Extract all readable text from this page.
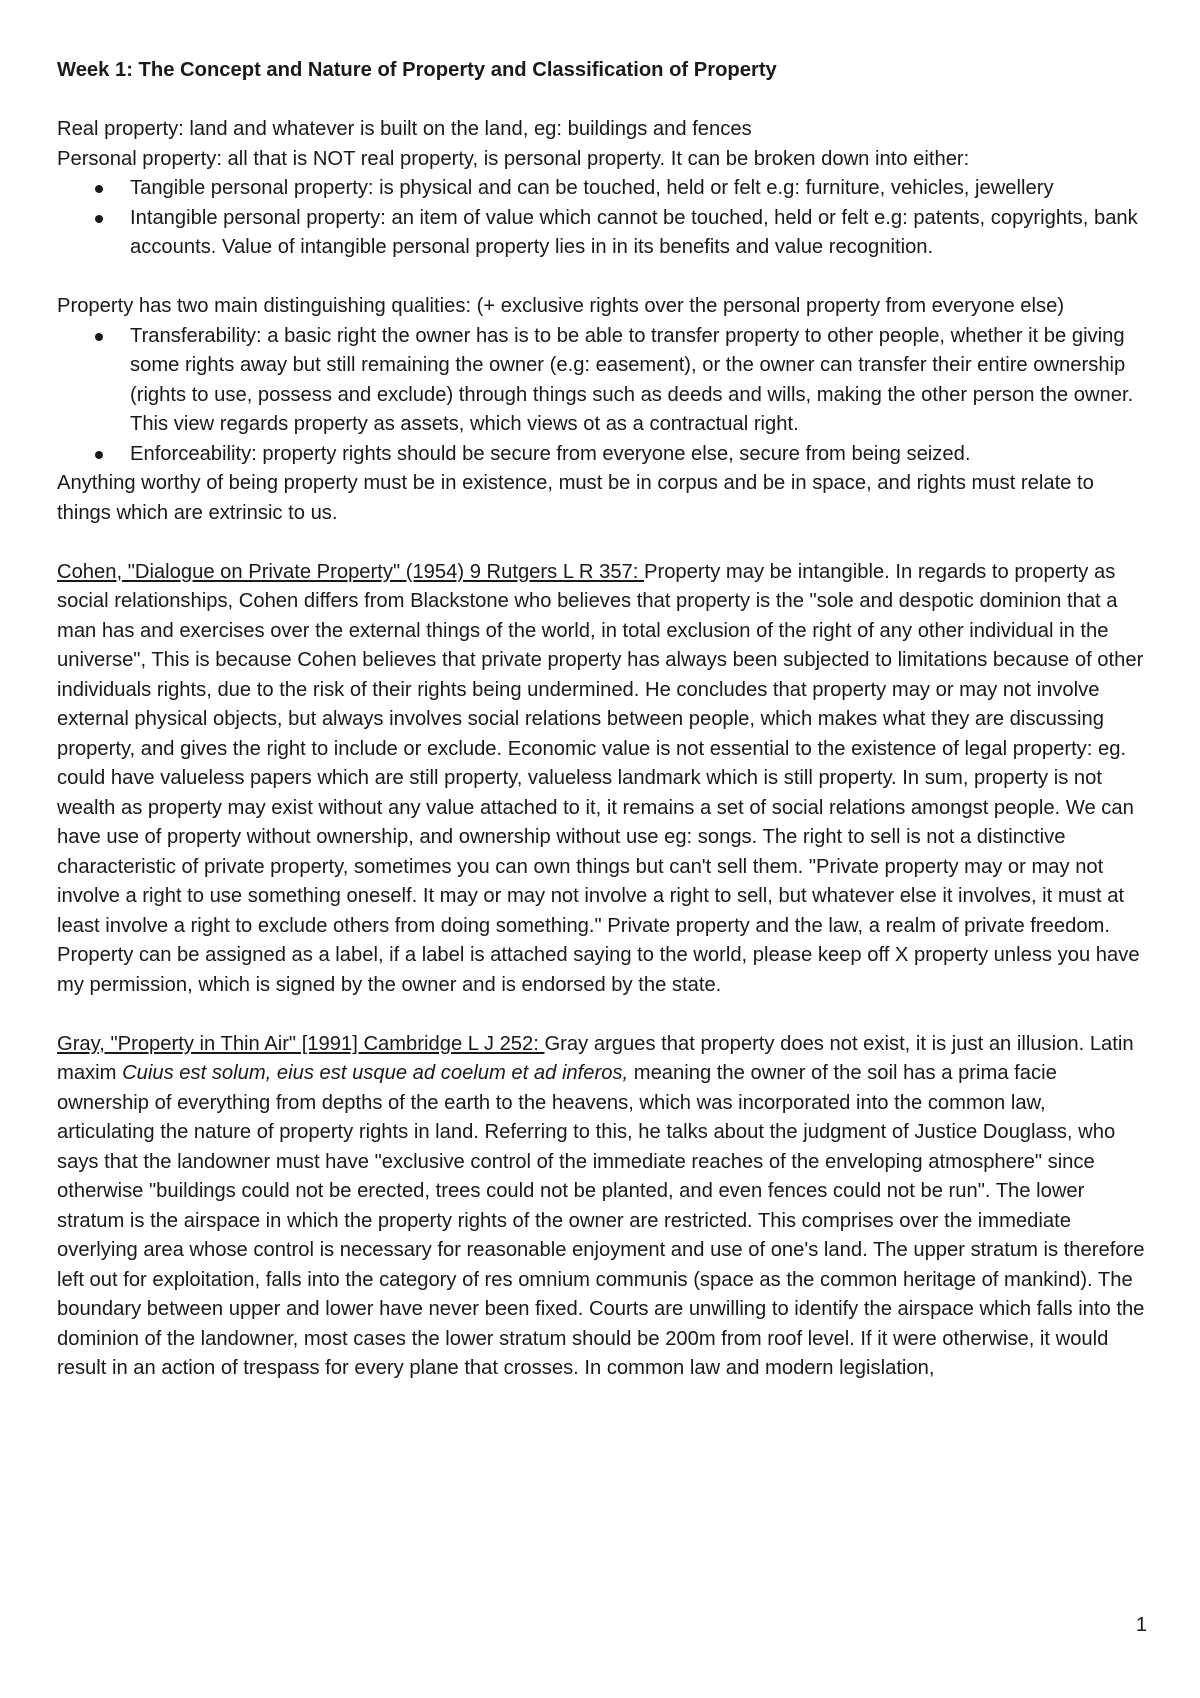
Week 1: The Concept and Nature of Property and Classification of Property

Real property: land and whatever is built on the land, eg: buildings and fences

Personal property: all that is NOT real property, is personal property. It can be broken down into either:

Tangible personal property: is physical and can be touched, held or felt e.g: furniture, vehicles, jewellery
Intangible personal property: an item of value which cannot be touched, held or felt e.g: patents, copyrights, bank accounts. Value of intangible personal property lies in in its benefits and value recognition.

Property has two main distinguishing qualities: (+ exclusive rights over the personal property from everyone else)

Transferability: a basic right the owner has is to be able to transfer property to other people, whether it be giving some rights away but still remaining the owner (e.g: easement), or the owner can transfer their entire ownership (rights to use, possess and exclude) through things such as deeds and wills, making the other person the owner. This view regards property as assets, which views ot as a contractual right.
Enforceability: property rights should be secure from everyone else, secure from being seized.

Anything worthy of being property must be in existence, must be in corpus and be in space, and rights must relate to things which are extrinsic to us.

Cohen, "Dialogue on Private Property" (1954) 9 Rutgers L R 357: Property may be intangible. In regards to property as social relationships, Cohen differs from Blackstone who believes that property is the "sole and despotic dominion that a man has and exercises over the external things of the world, in total exclusion of the right of any other individual in the universe", This is because Cohen believes that private property has always been subjected to limitations because of other individuals rights, due to the risk of their rights being undermined. He concludes that property may or may not involve external physical objects, but always involves social relations between people, which makes what they are discussing property, and gives the right to include or exclude. Economic value is not essential to the existence of legal property: eg. could have valueless papers which are still property, valueless landmark which is still property. In sum, property is not wealth as property may exist without any value attached to it, it remains a set of social relations amongst people. We can have use of property without ownership, and ownership without use eg: songs. The right to sell is not a distinctive characteristic of private property, sometimes you can own things but can't sell them. "Private property may or may not involve a right to use something oneself. It may or may not involve a right to sell, but whatever else it involves, it must at least involve a right to exclude others from doing something." Private property and the law, a realm of private freedom. Property can be assigned as a label, if a label is attached saying to the world, please keep off X property unless you have my permission, which is signed by the owner and is endorsed by the state.

Gray, "Property in Thin Air" [1991] Cambridge L J 252: Gray argues that property does not exist, it is just an illusion. Latin maxim Cuius est solum, eius est usque ad coelum et ad inferos, meaning the owner of the soil has a prima facie ownership of everything from depths of the earth to the heavens, which was incorporated into the common law, articulating the nature of property rights in land. Referring to this, he talks about the judgment of Justice Douglass, who says that the landowner must have "exclusive control of the immediate reaches of the enveloping atmosphere" since otherwise "buildings could not be erected, trees could not be planted, and even fences could not be run". The lower stratum is the airspace in which the property rights of the owner are restricted. This comprises over the immediate overlying area whose control is necessary for reasonable enjoyment and use of one's land. The upper stratum is therefore left out for exploitation, falls into the category of res omnium communis (space as the common heritage of mankind). The boundary between upper and lower have never been fixed. Courts are unwilling to identify the airspace which falls into the dominion of the landowner, most cases the lower stratum should be 200m from roof level. If it were otherwise, it would result in an action of trespass for every plane that crosses. In common law and modern legislation,

1
